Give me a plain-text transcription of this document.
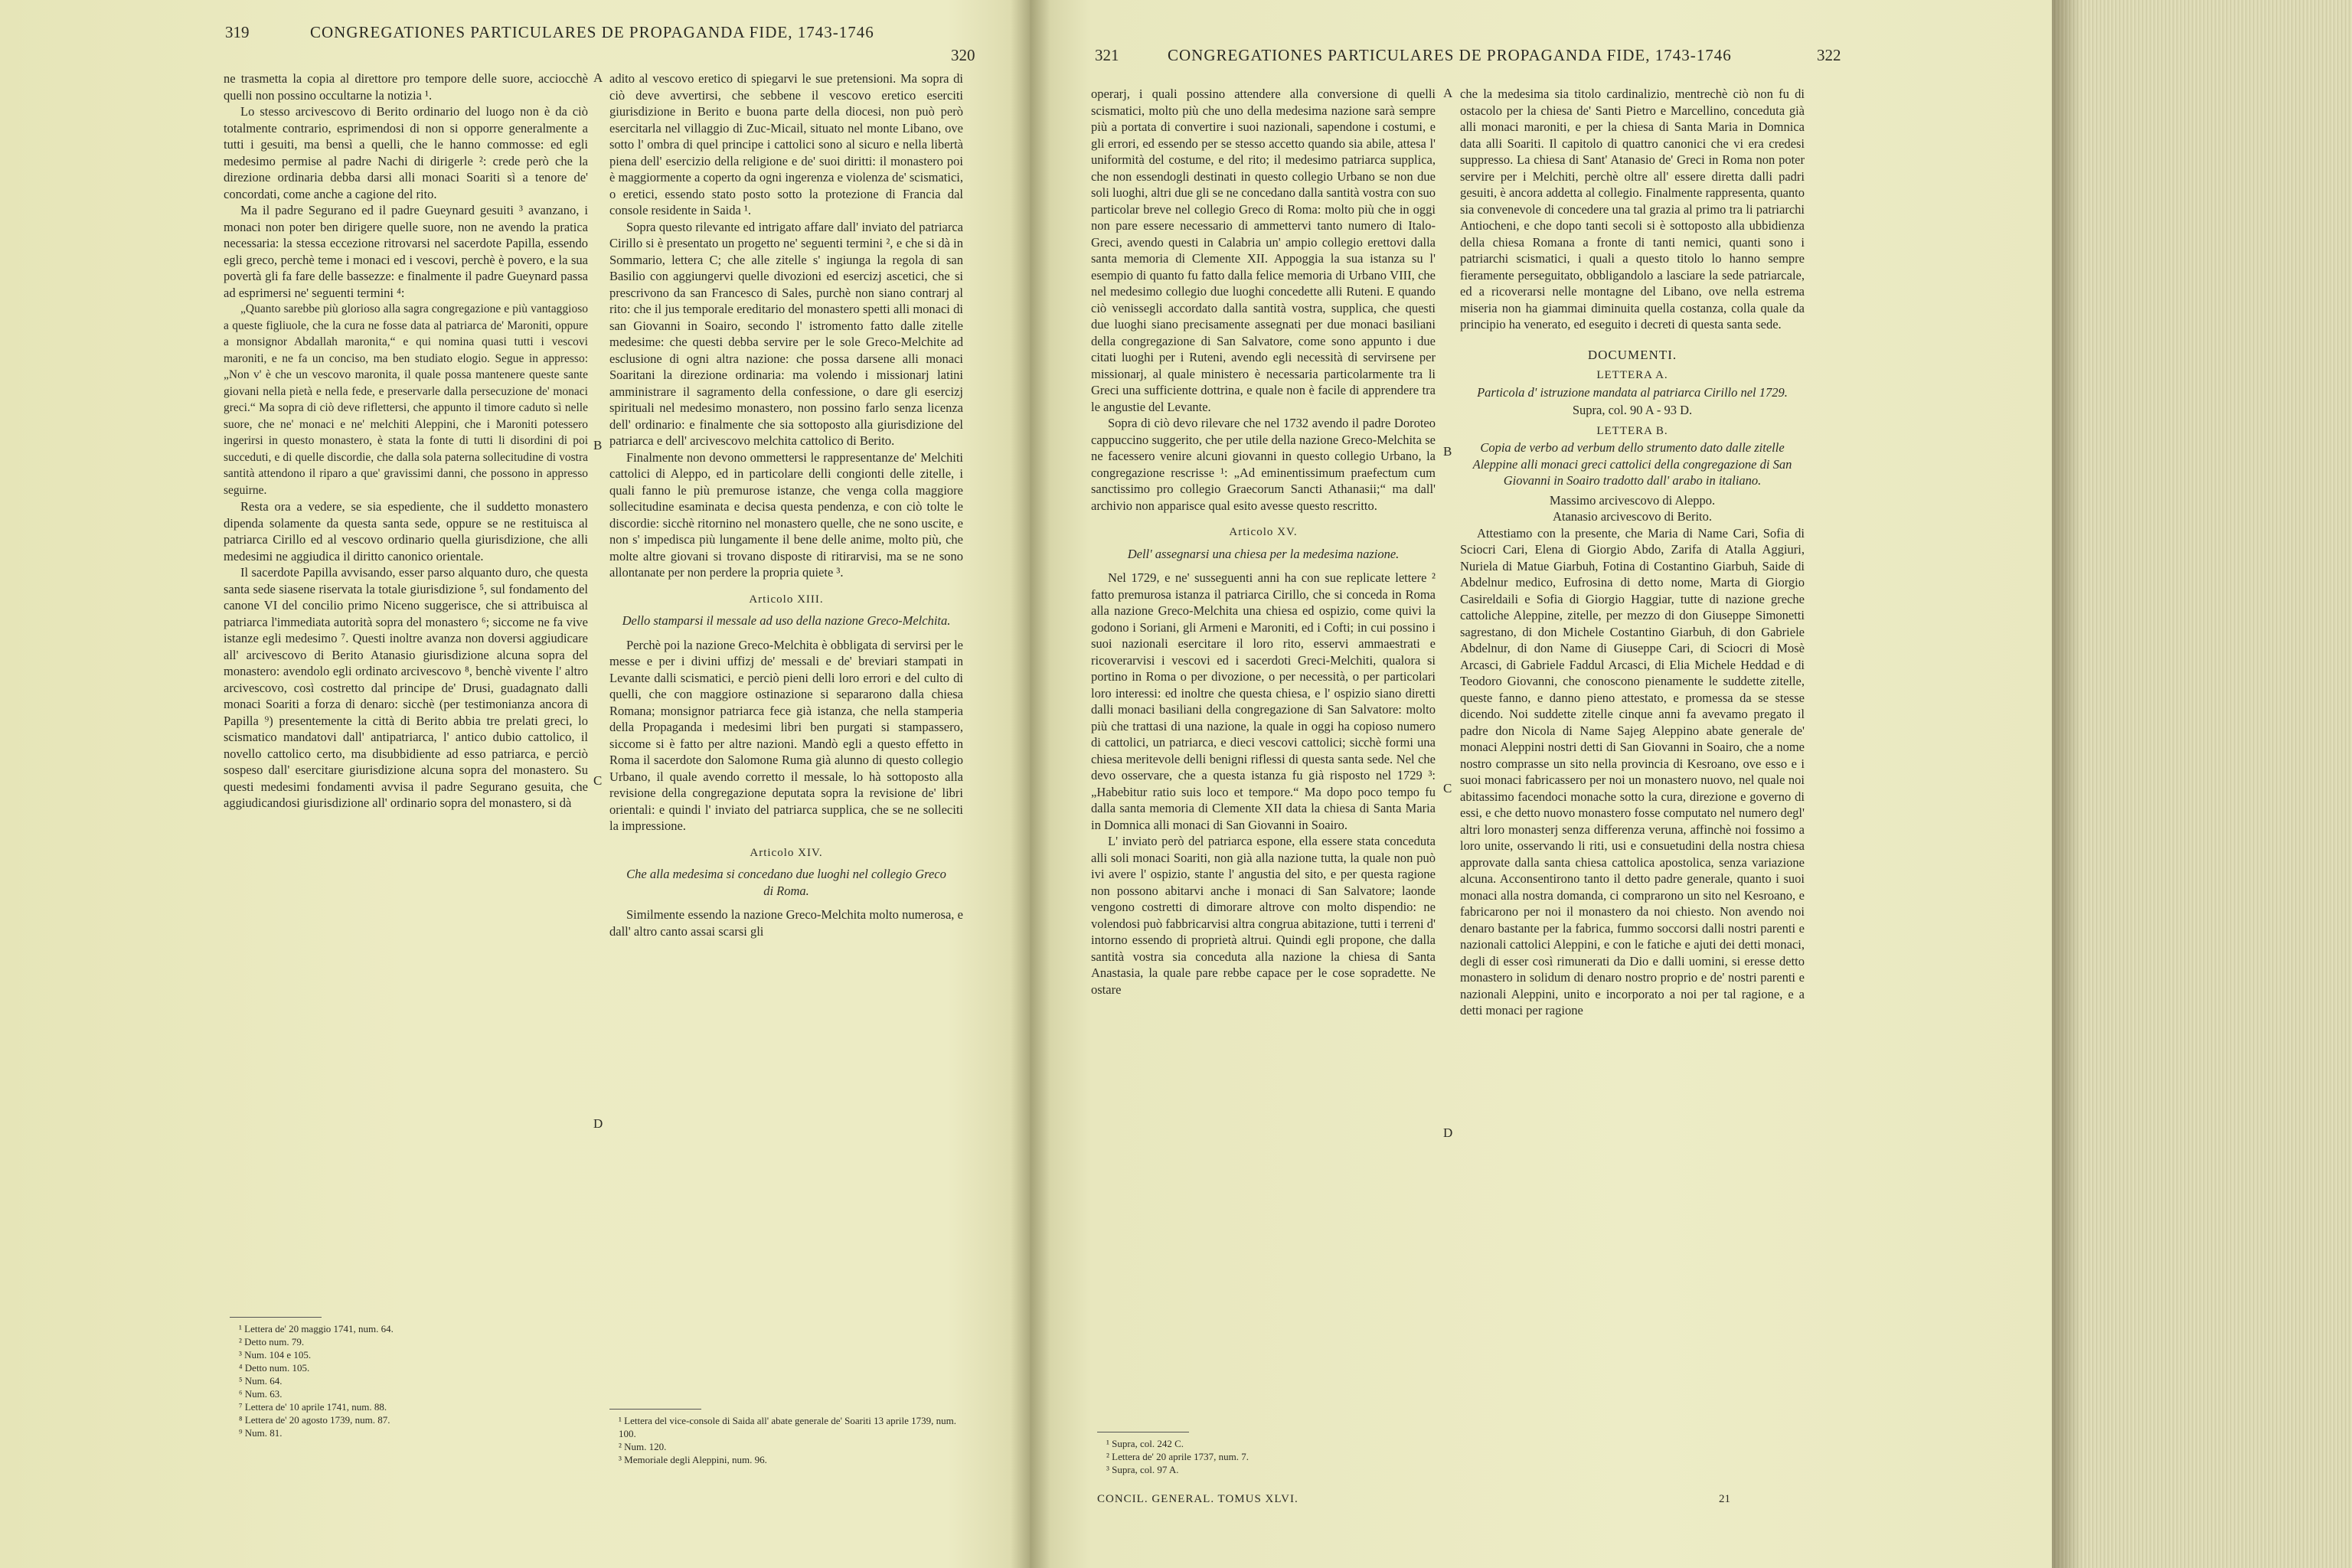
319	CONGREGATIONES PARTICULARES DE PROPAGANDA FIDE, 1743-1746
320

ne trasmetta la copia al direttore pro tempore delle suore, acciocchè quelli non possino occultarne la notizia ¹.

Lo stesso arcivescovo di Berito ordinario del luogo non è da ciò totalmente contrario, esprimendosi di non si opporre generalmente a tutti i gesuiti, ma bensì a quelli, che le hanno commosse: ed egli medesimo permise al padre Nachi di dirigerle ²: crede però che la direzione ordinaria debba darsi alli monaci Soariti sì a tenore de' concordati, come anche a cagione del rito.

Ma il padre Segurano ed il padre Gueynard gesuiti ³ avanzano, i monaci non poter ben dirigere quelle suore, non ne avendo la pratica necessaria: la stessa eccezione ritrovarsi nel sacerdote Papilla, essendo egli greco, perchè teme i monaci ed i vescovi, perchè è povero, e la sua povertà gli fa fare delle bassezze: e finalmente il padre Gueynard passa ad esprimersi ne' seguenti termini ⁴:

„Quanto sarebbe più glorioso alla sagra congregazione e più vantaggioso a queste figliuole, che la cura ne fosse data al patriarca de' Maroniti, oppure a monsignor Abdallah maronita,“ e qui nomina quasi tutti i vescovi maroniti, e ne fa un conciso, ma ben studiato elogio. Segue in appresso: „Non v' è che un vescovo maronita, il quale possa mantenere queste sante giovani nella pietà e nella fede, e preservarle dalla persecuzione de' monaci greci.“ Ma sopra di ciò deve riflettersi, che appunto il timore caduto sì nelle suore, che ne' monaci e ne' melchiti Aleppini, che i Maroniti potessero ingerirsi in questo monastero, è stata la fonte di tutti li disordini di poi succeduti, e di quelle discordie, che dalla sola paterna sollecitudine di vostra santità attendono il riparo a que' gravissimi danni, che possono in appresso seguirne.

Resta ora a vedere, se sia espediente, che il suddetto monastero dipenda solamente da questa santa sede, oppure se ne restituisca al patriarca Cirillo ed al vescovo ordinario quella giurisdizione, che alli medesimi ne aggiudica il diritto canonico orientale.

Il sacerdote Papilla avvisando, esser parso alquanto duro, che questa santa sede siasene riservata la totale giurisdizione ⁵, sul fondamento del canone VI del concilio primo Niceno suggerisce, che si attribuisca al patriarca l'immediata autorità sopra del monastero ⁶; siccome ne fa vive istanze egli medesimo ⁷. Questi inoltre avanza non doversi aggiudicare all' arcivescovo di Berito Atanasio giurisdizione alcuna sopra del monastero: avendolo egli ordinato arcivescovo ⁸, benchè vivente l' altro arcivescovo, così costretto dal principe de' Drusi, guadagnato dalli monaci Soariti a forza di denaro: sicchè (per testimonianza ancora di Papilla ⁹) presentemente la città di Berito abbia tre prelati greci, lo scismatico mandatovi dall' antipatriarca, l' antico dubio cattolico, il novello cattolico certo, ma disubbidiente ad esso patriarca, e perciò sospeso dall' esercitare giurisdizione alcuna sopra del monastero. Su questi medesimi fondamenti avvisa il padre Segurano gesuita, che aggiudicandosi giurisdizione all' ordinario sopra del monastero, si dà

¹ Lettera de' 20 maggio 1741, num. 64.
² Detto num. 79.
³ Num. 104 e 105.
⁴ Detto num. 105.
⁵ Num. 64.
⁶ Num. 63.
⁷ Lettera de' 10 aprile 1741, num. 88.
⁸ Lettera de' 20 agosto 1739, num. 87.
⁹ Num. 81.
A
B
C
D

adito al vescovo eretico di spiegarvi le sue pretensioni. Ma sopra di ciò deve avvertirsi, che sebbene il vescovo eretico eserciti giurisdizione in Berito e buona parte della diocesi, non può però esercitarla nel villaggio di Zuc-Micail, situato nel monte Libano, ove sotto l' ombra di quel principe i cattolici sono al sicuro e nella libertà piena dell' esercizio della religione e de' suoi diritti: il monastero poi è maggiormente a coperto da ogni ingerenza e violenza de' scismatici, o eretici, essendo stato posto sotto la protezione di Francia dal console residente in Saida ¹.

Sopra questo rilevante ed intrigato affare dall' inviato del patriarca Cirillo si è presentato un progetto ne' seguenti termini ², e che si dà in Sommario, lettera C; che alle zitelle s' ingiunga la regola di san Basilio con aggiungervi quelle divozioni ed esercizj ascetici, che si prescrivono da san Francesco di Sales, purchè non siano contrarj al rito: che il jus temporale ereditario del monastero spetti alli monaci di san Giovanni in Soairo, secondo l' istromento fatto dalle zitelle medesime: che questi debba servire per le sole Greco-Melchite ad esclusione di ogni altra nazione: che possa darsene alli monaci Soaritani la direzione ordinaria: ma volendo i missionarj latini amministrare il sagramento della confessione, o dare gli esercizj spirituali nel medesimo monastero, non possino farlo senza licenza dell' ordinario: e finalmente che sia sottoposto alla giurisdizione del patriarca e dell' arcivescovo melchita cattolico di Berito.

Finalmente non devono ommettersi le rappresentanze de' Melchiti cattolici di Aleppo, ed in particolare delli congionti delle zitelle, i quali fanno le più premurose istanze, che venga colla maggiore sollecitudine esaminata e decisa questa pendenza, e con ciò tolte le discordie: sicchè ritornino nel monastero quelle, che ne sono uscite, e non s' impedisca più lungamente il bene delle anime, molto più, che molte altre giovani si trovano disposte di ritirarvisi, ma se ne sono allontanate per non perdere la propria quiete ³.

Articolo XIII.
Dello stamparsi il messale ad uso della nazione Greco-Melchita.

Perchè poi la nazione Greco-Melchita è obbligata di servirsi per le messe e per i divini uffizj de' messali e de' breviari stampati in Levante dalli scismatici, e perciò pieni delli loro errori e del culto di quelli, che con maggiore ostinazione si separarono dalla chiesa Romana; monsignor patriarca fece già istanza, che nella stamperia della Propaganda i medesimi libri ben purgati si stampassero, siccome si è fatto per altre nazioni. Mandò egli a questo effetto in Roma il sacerdote don Salomone Ruma già alunno di questo collegio Urbano, il quale avendo corretto il messale, lo hà sottoposto alla revisione della congregazione deputata sopra la revisione de' libri orientali: e quindi l' inviato del patriarca supplica, che se ne solleciti la impressione.

Articolo XIV.
Che alla medesima si concedano due luoghi nel collegio Greco di Roma.

Similmente essendo la nazione Greco-Melchita molto numerosa, e dall' altro canto assai scarsi gli

¹ Lettera del vice-console di Saida all' abate generale de' Soariti 13 aprile 1739, num. 100.
² Num. 120.
³ Memoriale degli Aleppini, num. 96.
321	CONGREGATIONES PARTICULARES DE PROPAGANDA FIDE, 1743-1746	322

operarj, i quali possino attendere alla conversione di quelli scismatici, molto più che uno della medesima nazione sarà sempre più a portata di convertire i suoi nazionali, sapendone i costumi, e gli errori, ed essendo per se stesso accetto quando sia abile, attesa l' uniformità del costume, e del rito; il medesimo patriarca supplica, che non essendogli destinati in questo collegio Urbano se non due soli luoghi, altri due gli se ne concedano dalla santità vostra con suo particolar breve nel collegio Greco di Roma: molto più che in oggi non pare essere necessario di ammettervi tanto numero di Italo-Greci, avendo questi in Calabria un' ampio collegio erettovi dalla santa memoria di Clemente XII. Appoggia la sua istanza su l' esempio di quanto fu fatto dalla felice memoria di Urbano VIII, che nel medesimo collegio due luoghi concedette alli Ruteni. E quando ciò venissegli accordato dalla santità vostra, supplica, che questi due luoghi siano precisamente assegnati per due monaci basiliani della congregazione di San Salvatore, come sono appunto i due citati luoghi per i Ruteni, avendo egli necessità di servirsene per missionarj, al quale ministero è necessaria particolarmente tra li Greci una sufficiente dottrina, e quale non è facile di apprendere tra le angustie del Levante.

Sopra di ciò devo rilevare che nel 1732 avendo il padre Doroteo cappuccino suggerito, che per utile della nazione Greco-Melchita se ne facessero venire alcuni giovanni in questo collegio Urbano, la congregazione rescrisse ¹: „Ad eminentissimum praefectum cum sanctissimo pro collegio Graecorum Sancti Athanasii;“ ma dall' archivio non apparisce qual esito avesse questo rescritto.

Articolo XV.
Dell' assegnarsi una chiesa per la medesima nazione.

Nel 1729, e ne' susseguenti anni ha con sue replicate lettere ² fatto premurosa istanza il patriarca Cirillo, che si conceda in Roma alla nazione Greco-Melchita una chiesa ed ospizio, come quivi la godono i Soriani, gli Armeni e Maroniti, ed i Cofti; in cui possino i suoi nazionali esercitare il loro rito, esservi ammaestrati e ricoverarvisi i vescovi ed i sacerdoti Greci-Melchiti, qualora si portino in Roma o per divozione, o per necessità, o per particolari loro interessi: ed inoltre che questa chiesa, e l' ospizio siano diretti dalli monaci basiliani della congregazione di San Salvatore: molto più che trattasi di una nazione, la quale in oggi ha copioso numero di cattolici, un patriarca, e dieci vescovi cattolici; sicchè formi una chiesa meritevole delli benigni riflessi di questa santa sede. Nel che devo osservare, che a questa istanza fu già risposto nel 1729 ³: „Habebitur ratio suis loco et tempore.“ Ma dopo poco tempo fu dalla santa memoria di Clemente XII data la chiesa di Santa Maria in Domnica alli monaci di San Giovanni in Soairo.

L' inviato però del patriarca espone, ella essere stata conceduta alli soli monaci Soariti, non già alla nazione tutta, la quale non può ivi avere l' ospizio, stante l' angustia del sito, e per questa ragione non possono abitarvi anche i monaci di San Salvatore; laonde vengono costretti di dimorare altrove con molto dispendio: ne volendosi può fabbricarvisi altra congrua abitazione, tutti i terreni d' intorno essendo di proprietà altrui. Quindi egli propone, che dalla santità vostra sia conceduta alla nazione la chiesa di Santa Anastasia, la quale pare rebbe capace per le cose sopradette. Ne ostare

¹ Supra, col. 242 C.
² Lettera de' 20 aprile 1737, num. 7.
³ Supra, col. 97 A.
CONCIL. GENERAL. TOMUS XLVI.
A
B
C
D

che la medesima sia titolo cardinalizio, mentrechè ciò non fu di ostacolo per la chiesa de' Santi Pietro e Marcellino, conceduta già alli monaci maroniti, e per la chiesa di Santa Maria in Domnica data alli Soariti. Il capitolo di quattro canonici che vi era credesi suppresso. La chiesa di Sant' Atanasio de' Greci in Roma non poter servire per i Melchiti, perchè oltre all' essere diretta dalli padri gesuiti, è ancora addetta al collegio. Finalmente rappresenta, quanto sia convenevole di concedere una tal grazia al primo tra li patriarchi Antiocheni, e che dopo tanti secoli si è sottoposto alla ubbidienza della chiesa Romana a fronte di tanti nemici, quanti sono i patriarchi scismatici, i quali a questo titolo lo hanno sempre fieramente perseguitato, obbligandolo a lasciare la sede patriarcale, ed a ricoverarsi nelle montagne del Libano, ove nella estrema miseria non ha giammai diminuita quella costanza, colla quale da principio ha venerato, ed eseguito i decreti di questa santa sede.

DOCUMENTI.
LETTERA A.
Particola d' istruzione mandata al patriarca Cirillo nel 1729.

Supra, col. 90 A - 93 D.

LETTERA B.
Copia de verbo ad verbum dello strumento dato dalle zitelle Aleppine alli monaci greci cattolici della congregazione di San Giovanni in Soairo tradotto dall' arabo in italiano.

Massimo arcivescovo di Aleppo.

Atanasio arcivescovo di Berito.

Attestiamo con la presente, che Maria di Name Cari, Sofia di Sciocri Cari, Elena di Giorgio Abdo, Zarifa di Atalla Aggiuri, Nuriela di Matue Giarbuh, Fotina di Costantino Giarbuh, Saide di Abdelnur medico, Eufrosina di detto nome, Marta di Giorgio Casireldaili e Sofia di Giorgio Haggiar, tutte di nazione greche cattoliche Aleppine, zitelle, per mezzo di don Giuseppe Simonetti sagrestano, di don Michele Costantino Giarbuh, di don Gabriele Abdelnur, di don Name di Giuseppe Cari, di Sciocri di Mosè Arcasci, di Gabriele Faddul Arcasci, di Elia Michele Heddad e di Teodoro Giovanni, che conoscono pienamente le suddette zitelle, queste fanno, e danno pieno attestato, e promessa da se stesse dicendo. Noi suddette zitelle cinque anni fa avevamo pregato il padre don Nicola di Name Sajeg Aleppino abate generale de' monaci Aleppini nostri detti di San Giovanni in Soairo, che a nome nostro comprasse un sito nella provincia di Kesroano, ove esso e i suoi monaci fabricassero per noi un monastero nuovo, nel quale noi abitassimo facendoci monache sotto la cura, direzione e governo di essi, e che detto nuovo monastero fosse computato nel numero degl' altri loro monasterj senza differenza veruna, affinchè noi fossimo a loro unite, osservando li riti, usi e consuetudini della nostra chiesa approvate dalla santa chiesa cattolica apostolica, senza variazione alcuna. Acconsentirono tanto il detto padre generale, quanto i suoi monaci alla nostra domanda, ci comprarono un sito nel Kesroano, e fabricarono per noi il monastero da noi chiesto. Non avendo noi denaro bastante per la fabrica, fummo soccorsi dalli nostri parenti e nazionali cattolici Aleppini, e con le fatiche e ajuti dei detti monaci, degli di esser così rimunerati da Dio e dalli uomini, si eresse detto monastero in solidum di denaro nostro proprio e de' nostri parenti e nazionali Aleppini, unito e incorporato a noi per tal ragione, e a detti monaci per ragione

21
